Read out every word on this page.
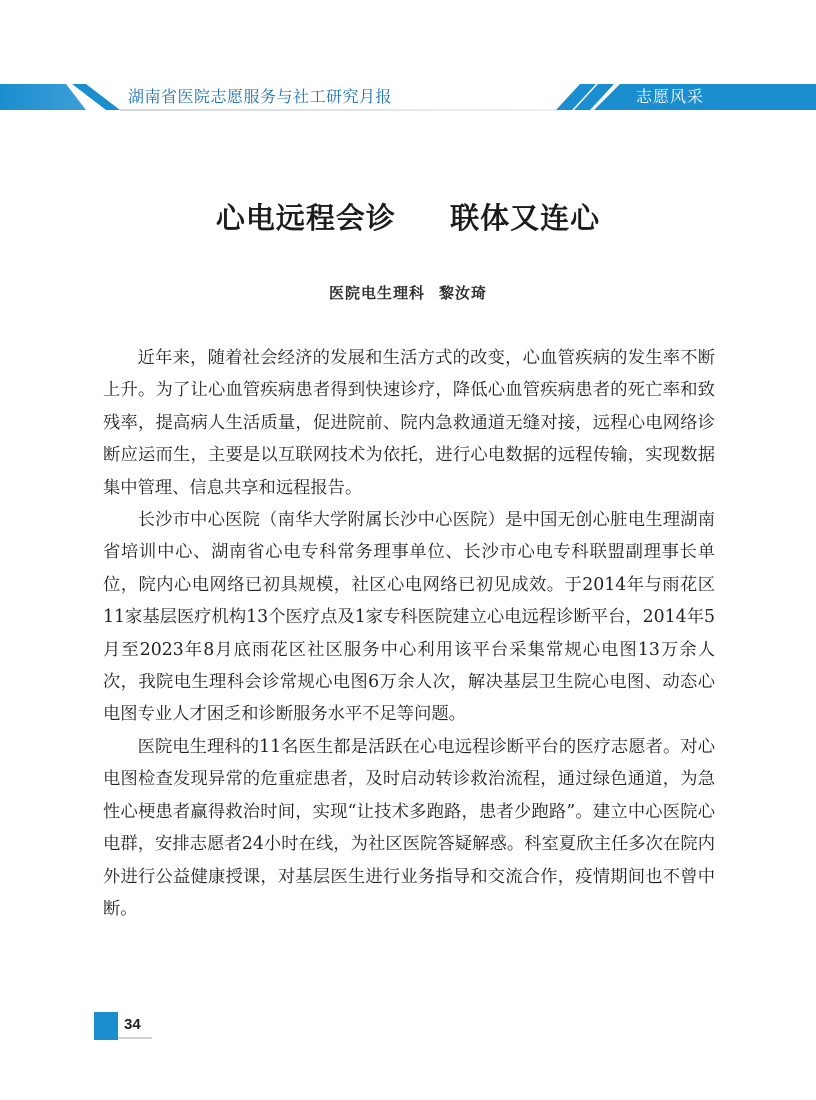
湖南省医院志愿服务与社工研究月报	志愿风采
心电远程会诊  联体又连心
医院电生理科 黎汝琦

近年来，随着社会经济的发展和生活方式的改变，心血管疾病的发生率不断上升。为了让心血管疾病患者得到快速诊疗，降低心血管疾病患者的死亡率和致残率，提高病人生活质量，促进院前、院内急救通道无缝对接，远程心电网络诊断应运而生，主要是以互联网技术为依托，进行心电数据的远程传输，实现数据集中管理、信息共享和远程报告。

长沙市中心医院（南华大学附属长沙中心医院）是中国无创心脏电生理湖南省培训中心、湖南省心电专科常务理事单位、长沙市心电专科联盟副理事长单位，院内心电网络已初具规模，社区心电网络已初见成效。于2014年与雨花区11家基层医疗机构13个医疗点及1家专科医院建立心电远程诊断平台，2014年5月至2023年8月底雨花区社区服务中心利用该平台采集常规心电图13万余人次，我院电生理科会诊常规心电图6万余人次，解决基层卫生院心电图、动态心电图专业人才困乏和诊断服务水平不足等问题。

医院电生理科的11名医生都是活跃在心电远程诊断平台的医疗志愿者。对心电图检查发现异常的危重症患者，及时启动转诊救治流程，通过绿色通道，为急性心梗患者赢得救治时间，实现“让技术多跑路，患者少跑路”。建立中心医院心电群，安排志愿者24小时在线，为社区医院答疑解惑。科室夏欣主任多次在院内外进行公益健康授课，对基层医生进行业务指导和交流合作，疫情期间也不曾中断。

34
